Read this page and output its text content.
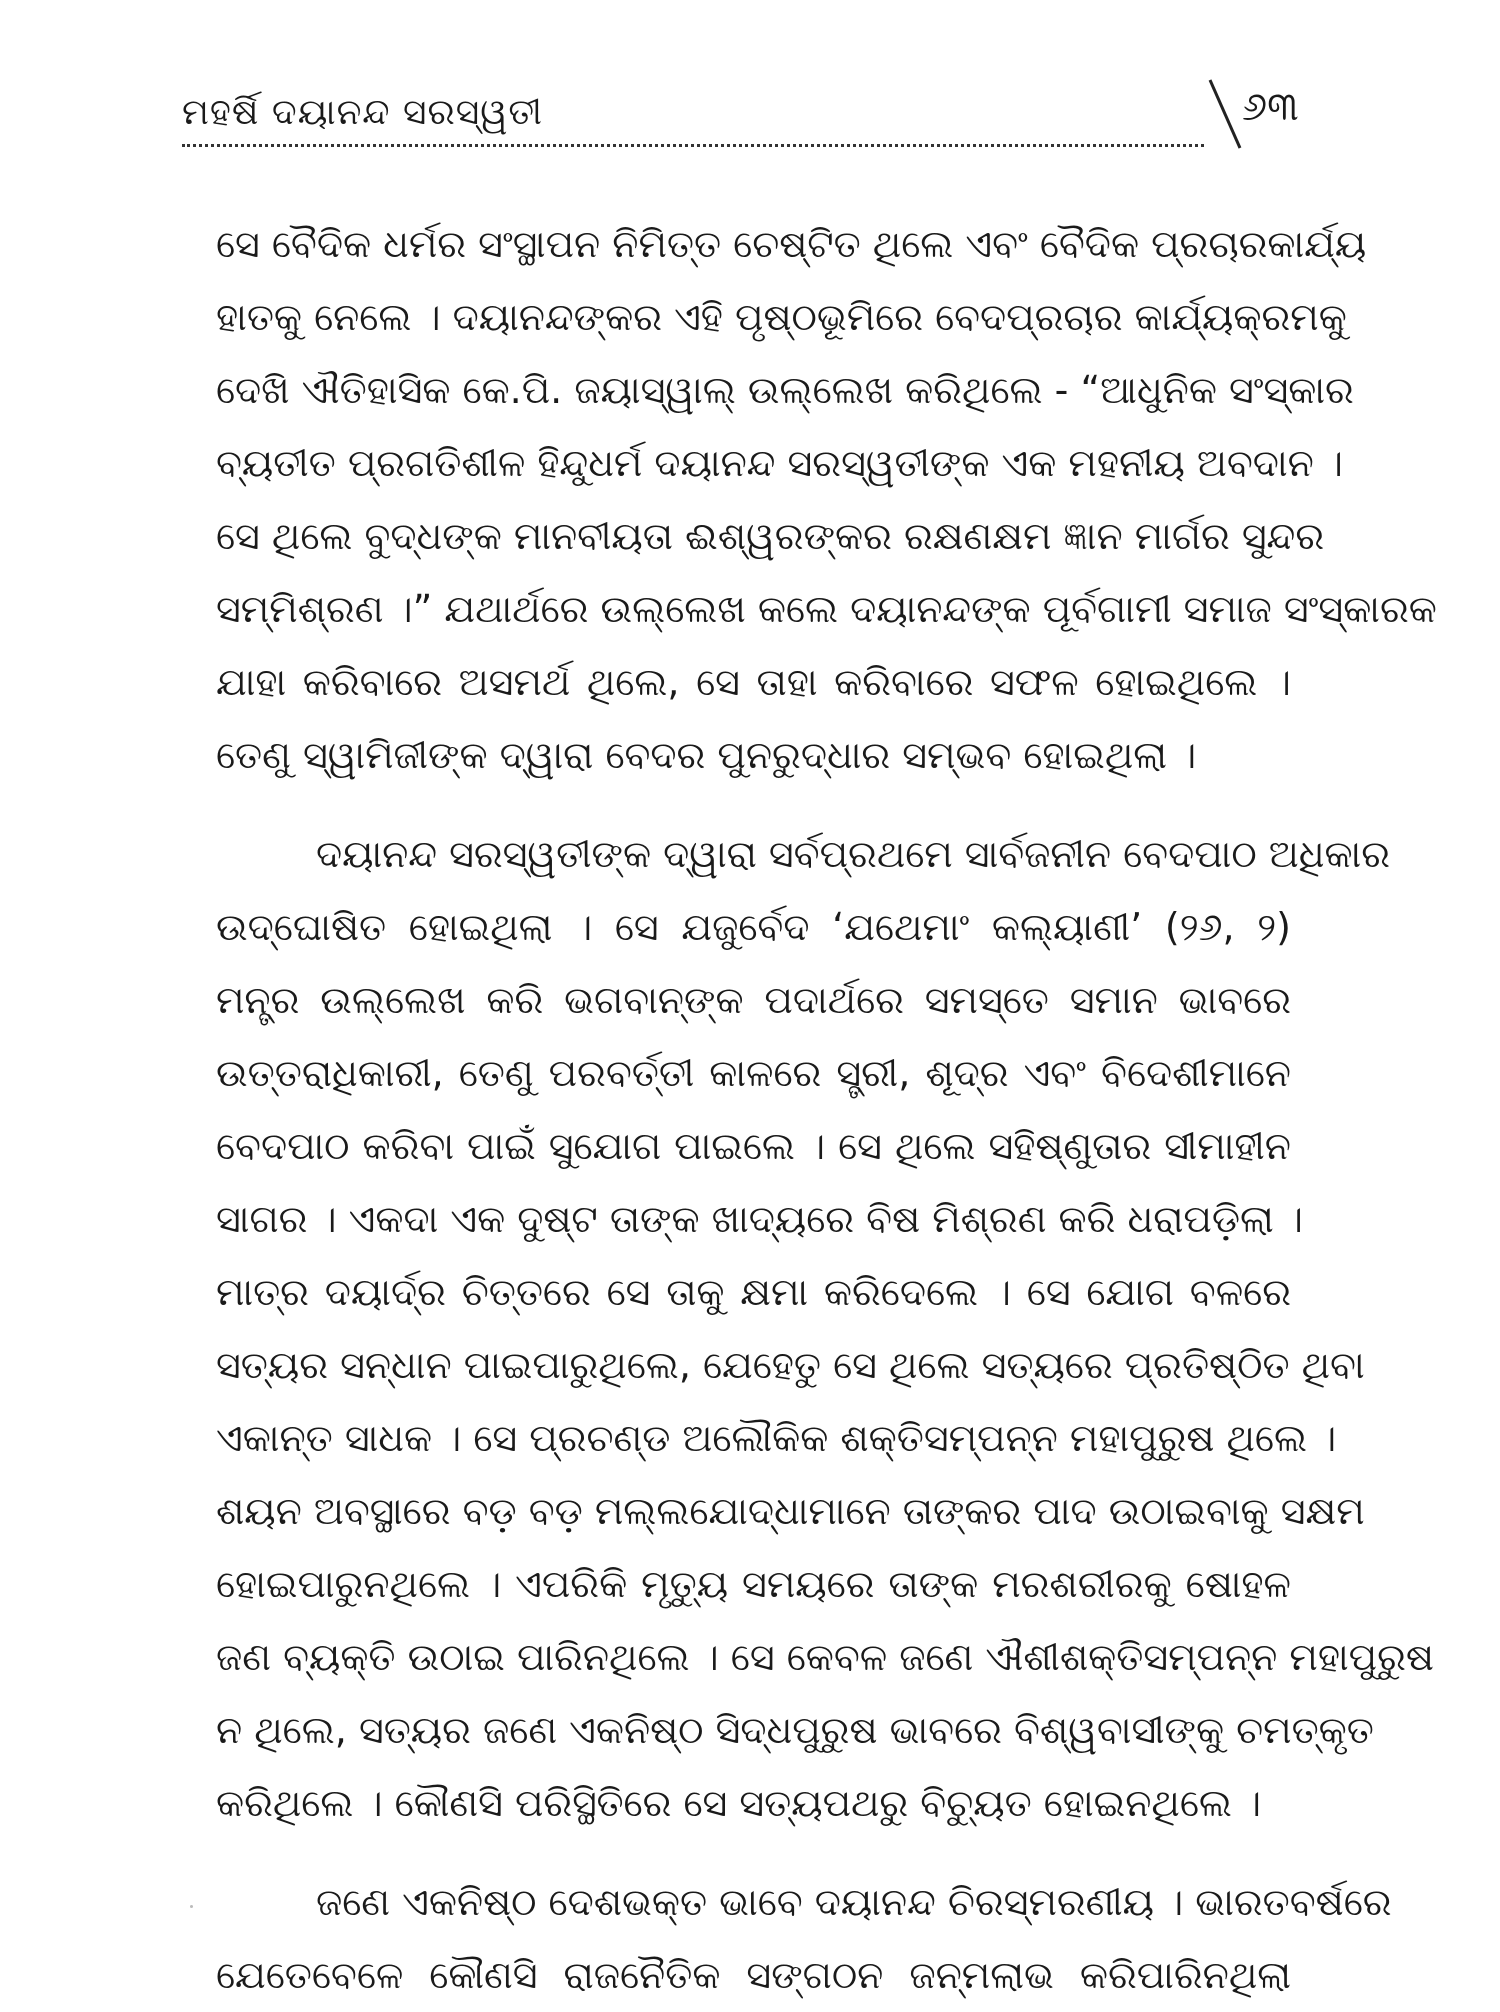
ମହର୍ଷି ଦୟାନନ୍ଦ ସରସ୍ୱତୀ	୬୩
ସେ ବୈଦିକ ଧର୍ମର ସଂସ୍ଥାପନ ନିମିତ୍ତ ଚେଷ୍ଟିତ ଥିଲେ ଏବଂ ବୈଦିକ ପ୍ରଚାରକାର୍ଯ୍ୟ
ହାତକୁ ନେଲେ । ଦୟାନନ୍ଦଙ୍କର ଏହି ପୃଷ୍ଠଭୂମିରେ ବେଦପ୍ରଚାର କାର୍ଯ୍ୟକ୍ରମକୁ
ଦେଖି ଐତିହାସିକ କେ.ପି. ଜୟାସ୍ୱାଲ୍ ଉଲ୍ଲେଖ କରିଥିଲେ - “ଆଧୁନିକ ସଂସ୍କାର
ବ୍ୟତୀତ ପ୍ରଗତିଶୀଳ ହିନ୍ଦୁଧର୍ମ ଦୟାନନ୍ଦ ସରସ୍ୱତୀଙ୍କ ଏକ ମହନୀୟ ଅବଦାନ ।
ସେ ଥିଲେ ବୁଦ୍ଧଙ୍କ ମାନବୀୟତା ଈଶ୍ୱରଙ୍କର ରକ୍ଷଣକ୍ଷମ ଜ୍ଞାନ ମାର୍ଗର ସୁନ୍ଦର
ସମ୍ମିଶ୍ରଣ ।” ଯଥାର୍ଥରେ ଉଲ୍ଲେଖ କଲେ ଦୟାନନ୍ଦଙ୍କ ପୂର୍ବଗାମୀ ସମାଜ ସଂସ୍କାରକ
ଯାହା କରିବାରେ ଅସମର୍ଥ ଥିଲେ, ସେ ତାହା କରିବାରେ ସଫଳ ହୋଇଥିଲେ ।
ତେଣୁ ସ୍ୱାମିଜୀଙ୍କ ଦ୍ୱାରା ବେଦର ପୁନରୁଦ୍ଧାର ସମ୍ଭବ ହୋଇଥିଲା ।
ଦୟାନନ୍ଦ ସରସ୍ୱତୀଙ୍କ ଦ୍ୱାରା ସର୍ବପ୍ରଥମେ ସାର୍ବଜନୀନ ବେଦପାଠ ଅଧିକାର
ଉଦ୍‌ଘୋଷିତ ହୋଇଥିଲା । ସେ ଯଜୁର୍ବେଦ ‘ଯଥେମାଂ କଲ୍ୟାଣୀ’ (୨୬, ୨)
ମନ୍ତ୍ର ଉଲ୍ଲେଖ କରି ଭଗବାନ୍‌ଙ୍କ ପଦାର୍ଥରେ ସମସ୍ତେ ସମାନ ଭାବରେ
ଉତ୍ତରାଧିକାରୀ, ତେଣୁ ପରବର୍ତ୍ତୀ କାଳରେ ସ୍ତ୍ରୀ, ଶୂଦ୍ର ଏବଂ ବିଦେଶୀମାନେ
ବେଦପାଠ କରିବା ପାଇଁ ସୁଯୋଗ ପାଇଲେ । ସେ ଥିଲେ ସହିଷ୍ଣୁତାର ସୀମାହୀନ
ସାଗର । ଏକଦା ଏକ ଦୁଷ୍ଟ ତାଙ୍କ ଖାଦ୍ୟରେ ବିଷ ମିଶ୍ରଣ କରି ଧରାପଡ଼ିଲା ।
ମାତ୍ର ଦୟାର୍ଦ୍ର ଚିତ୍ତରେ ସେ ତାକୁ କ୍ଷମା କରିଦେଲେ । ସେ ଯୋଗ ବଳରେ
ସତ୍ୟର ସନ୍ଧାନ ପାଇପାରୁଥିଲେ, ଯେହେତୁ ସେ ଥିଲେ ସତ୍ୟରେ ପ୍ରତିଷ୍ଠିତ ଥିବା
ଏକାନ୍ତ ସାଧକ । ସେ ପ୍ରଚଣ୍ଡ ଅଲୌକିକ ଶକ୍ତିସମ୍ପନ୍ନ ମହାପୁରୁଷ ଥିଲେ ।
ଶୟନ ଅବସ୍ଥାରେ ବଡ଼ ବଡ଼ ମଲ୍ଲଯୋଦ୍ଧାମାନେ ତାଙ୍କର ପାଦ ଉଠାଇବାକୁ ସକ୍ଷମ
ହୋଇପାରୁନଥିଲେ । ଏପରିକି ମୃତ୍ୟୁ ସମୟରେ ତାଙ୍କ ମରଶରୀରକୁ ଷୋହଳ
ଜଣ ବ୍ୟକ୍ତି ଉଠାଇ ପାରିନଥିଲେ । ସେ କେବଳ ଜଣେ ଐଶୀଶକ୍ତିସମ୍ପନ୍ନ ମହାପୁରୁଷ
ନ ଥିଲେ, ସତ୍ୟର ଜଣେ ଏକନିଷ୍ଠ ସିଦ୍ଧପୁରୁଷ ଭାବରେ ବିଶ୍ୱବାସୀଙ୍କୁ ଚମତ୍କୃତ
କରିଥିଲେ । କୌଣସି ପରିସ୍ଥିତିରେ ସେ ସତ୍ୟପଥରୁ ବିଚ୍ୟୁତ ହୋଇନଥିଲେ ।
ଜଣେ ଏକନିଷ୍ଠ ଦେଶଭକ୍ତ ଭାବେ ଦୟାନନ୍ଦ ଚିରସ୍ମରଣୀୟ । ଭାରତବର୍ଷରେ
ଯେତେବେଳେ କୌଣସି ରାଜନୈତିକ ସଙ୍ଗଠନ ଜନ୍ମଲାଭ କରିପାରିନଥିଲା
